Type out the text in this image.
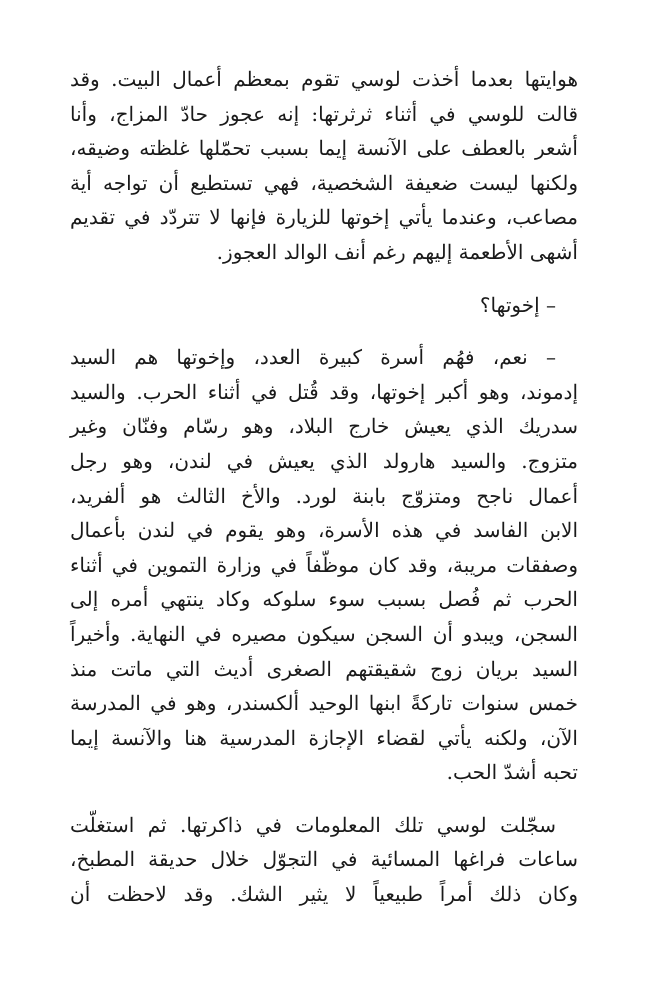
هوايتها بعدما أخذت لوسي تقوم بمعظم أعمال البيت. وقد
قالت للوسي في أثناء ثرثرتها: إنه عجوز حادّ المزاج، وأنا
أشعر بالعطف على الآنسة إيما بسبب تحمّلها غلظته وضيقه،
ولكنها ليست ضعيفة الشخصية، فهي تستطيع أن تواجه أية
مصاعب، وعندما يأتي إخوتها للزيارة فإنها لا تتردّد في تقديم
أشهى الأطعمة إليهم رغم أنف الوالد العجوز.

– إخوتها؟

– نعم، فهُم أسرة كبيرة العدد، وإخوتها هم السيد
إدموند، وهو أكبر إخوتها، وقد قُتل في أثناء الحرب. والسيد
سدريك الذي يعيش خارج البلاد، وهو رسّام وفنّان وغير
متزوج. والسيد هارولد الذي يعيش في لندن، وهو رجل
أعمال ناجح ومتزوّج بابنة لورد. والأخ الثالث هو ألفريد،
الابن الفاسد في هذه الأسرة، وهو يقوم في لندن بأعمال
وصفقات مريبة، وقد كان موظّفاً في وزارة التموين في أثناء
الحرب ثم فُصل بسبب سوء سلوكه وكاد ينتهي أمره إلى
السجن، ويبدو أن السجن سيكون مصيره في النهاية. وأخيراً
السيد بريان زوج شقيقتهم الصغرى أديث التي ماتت منذ
خمس سنوات تاركةً ابنها الوحيد ألكسندر، وهو في المدرسة
الآن، ولكنه يأتي لقضاء الإجازة المدرسية هنا والآنسة إيما
تحبه أشدّ الحب.

سجّلت لوسي تلك المعلومات في ذاكرتها. ثم استغلّت
ساعات فراغها المسائية في التجوّل خلال حديقة المطبخ،
وكان ذلك أمراً طبيعياً لا يثير الشك. وقد لاحظت أن
